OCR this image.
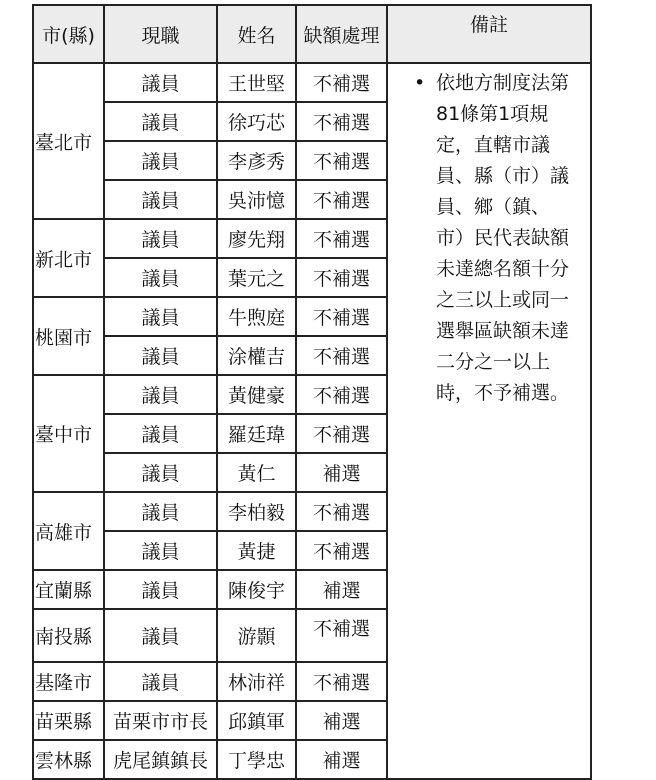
市(縣)	現職	姓名	缺額處理	備註
臺北市	議員	王世堅	不補選	• 依地方制度法第81條第1項規定，直轄市議員、縣（市）議員、鄉（鎮、市）民代表缺額未達總名額十分之三以上或同一選舉區缺額未達二分之一以上時，不予補選。

	議員	徐巧芯	不補選	
	議員	李彥秀	不補選	
	議員	吳沛憶	不補選	
新北市	議員	廖先翔	不補選	
	議員	葉元之	不補選	
桃園市	議員	牛煦庭	不補選	
	議員	涂權吉	不補選	
臺中市	議員	黃健豪	不補選	
	議員	羅廷瑋	不補選	
	議員	黃仁	補選	
高雄市	議員	李柏毅	不補選	
	議員	黃捷	不補選	
宜蘭縣	議員	陳俊宇	補選	
南投縣	議員	游顥	不補選	
基隆市	議員	林沛祥	不補選	
苗栗縣	苗栗市市長	邱鎮軍	補選	
雲林縣	虎尾鎮鎮長	丁學忠	補選	
